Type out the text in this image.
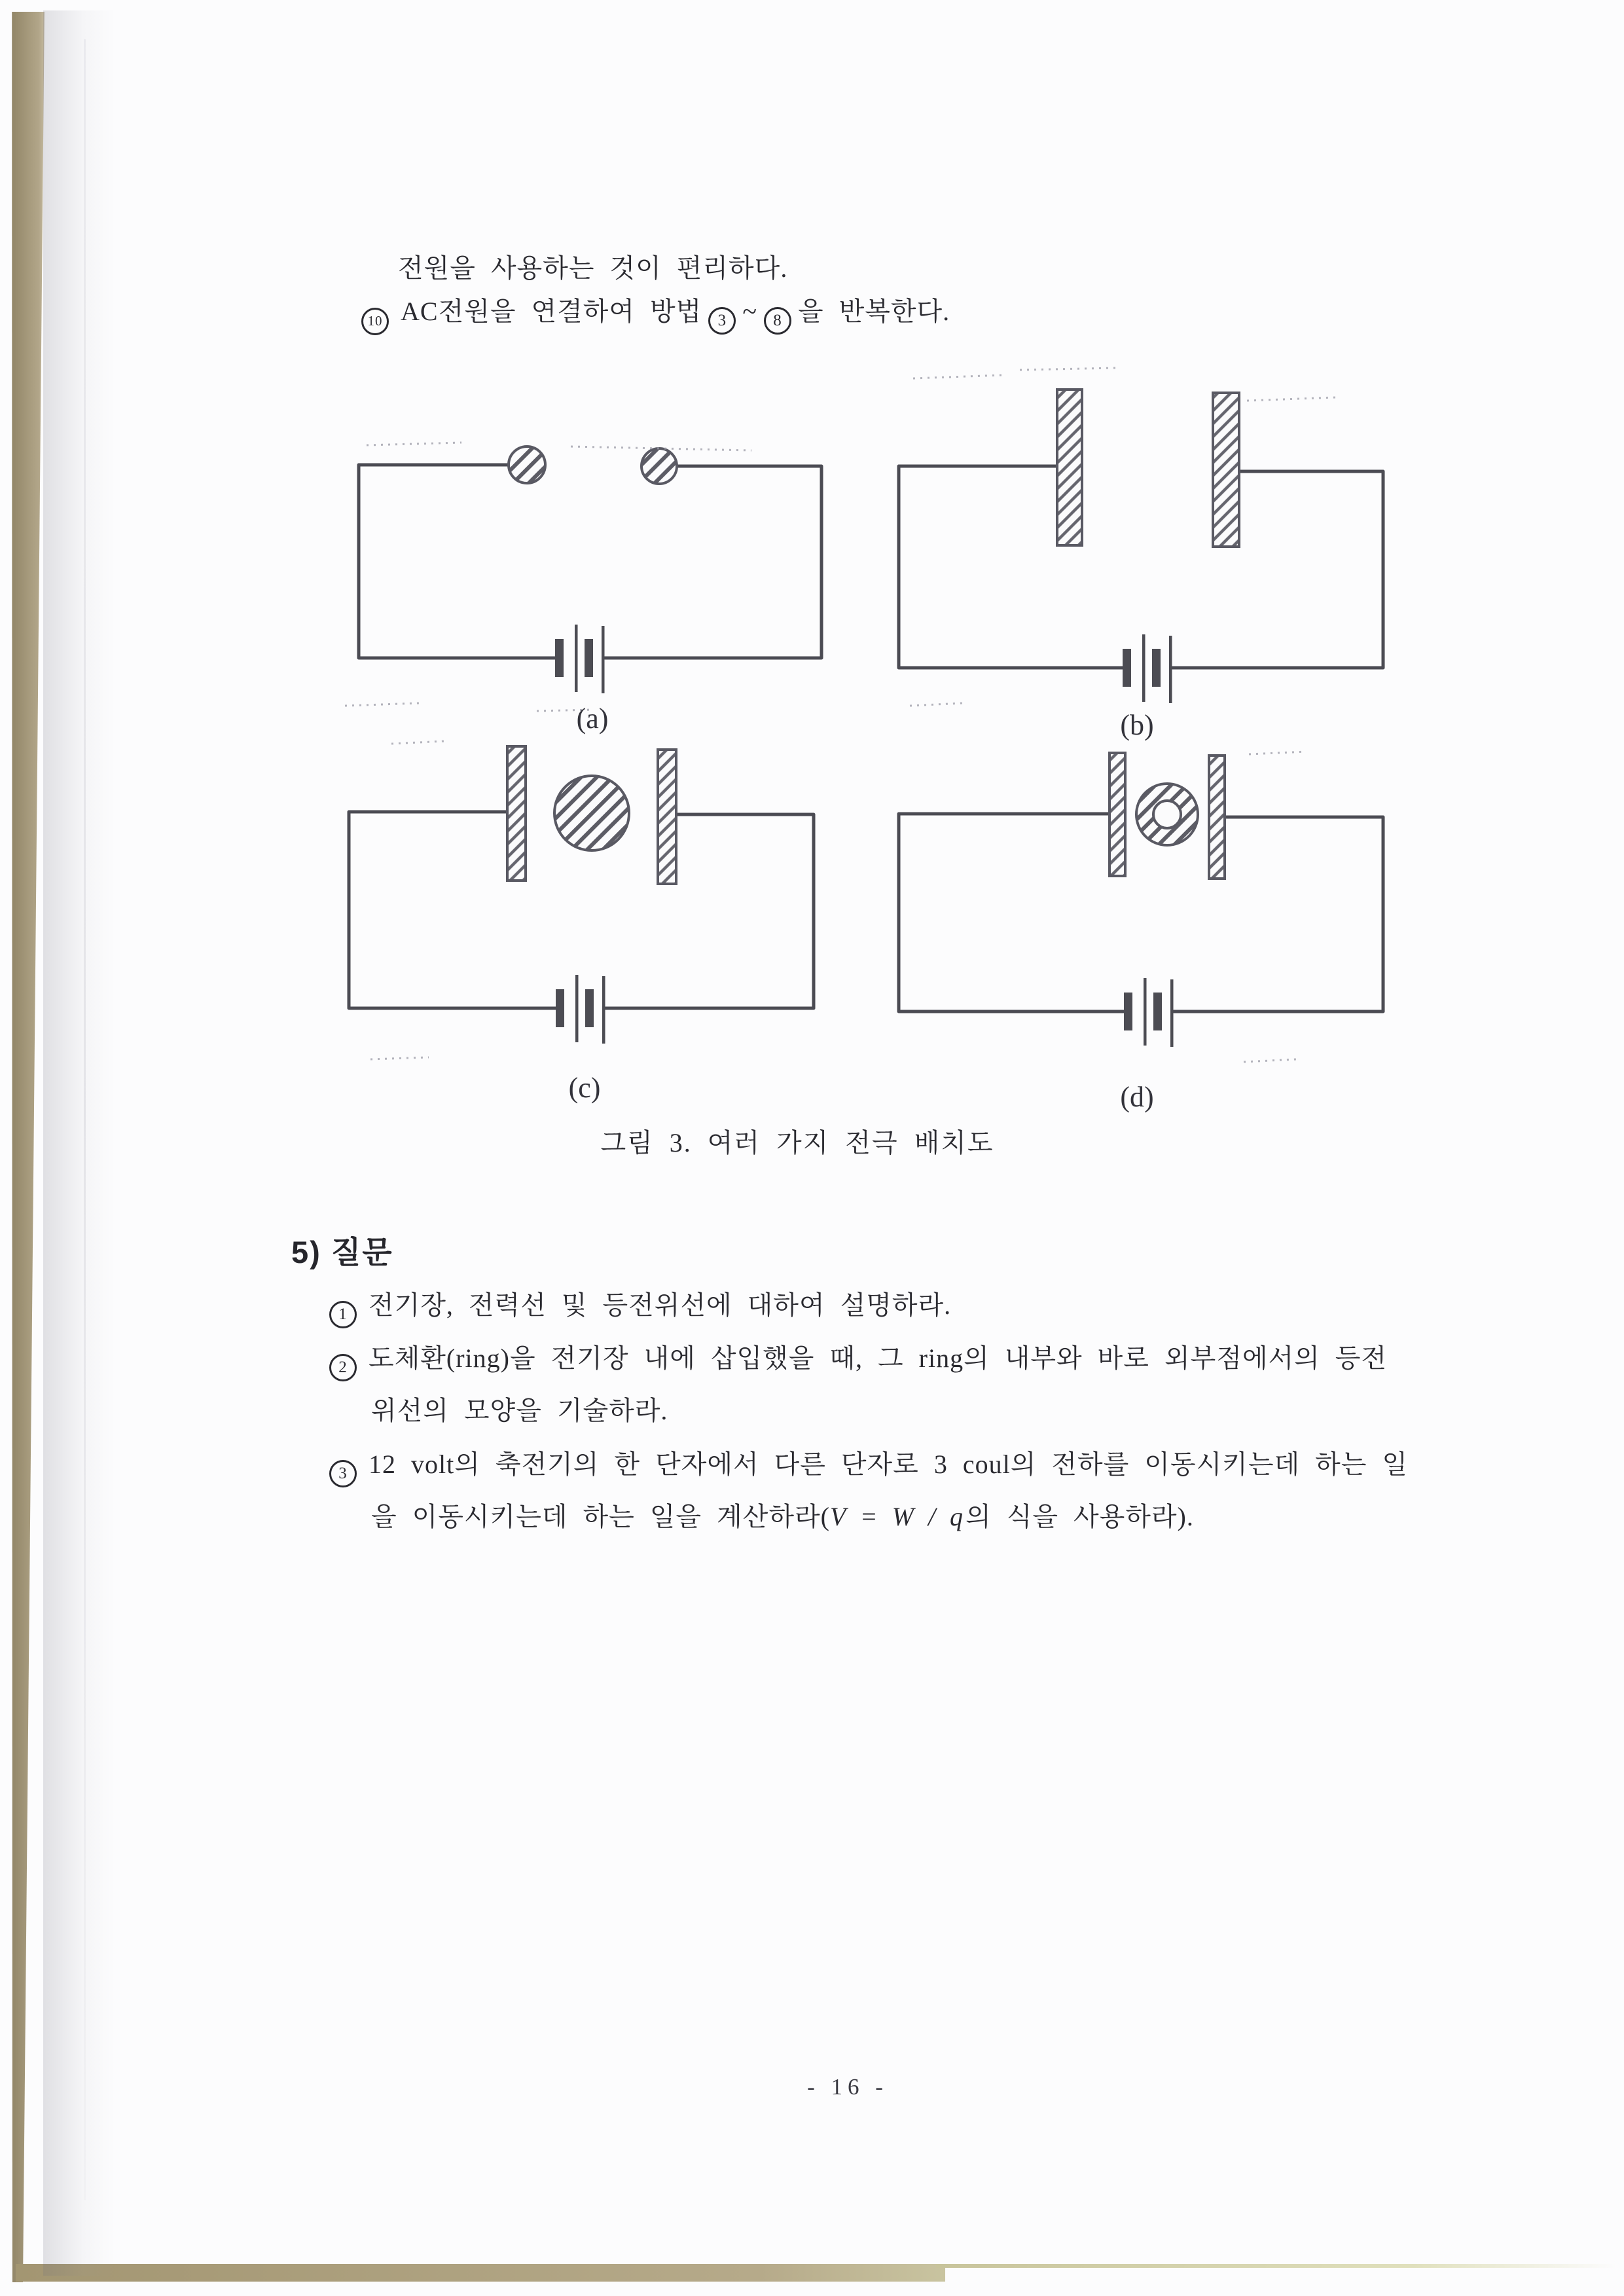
전원을 사용하는 것이 편리하다.
10 AC전원을 연결하여 방법 3 ~ 8 을 반복한다.
(a)	(b)
(c)	(d)
그림 3. 여러 가지 전극 배치도
5) 질문
1 전기장, 전력선 및 등전위선에 대하여 설명하라.
2 도체환(ring)을 전기장 내에 삽입했을 때, 그 ring의 내부와 바로 외부점에서의 등전
위선의 모양을 기술하라.
3 12 volt의 축전기의 한 단자에서 다른 단자로 3 coul의 전하를 이동시키는데 하는 일
을 이동시키는데 하는 일을 계산하라(V = W / q의 식을 사용하라).
- 16 -
